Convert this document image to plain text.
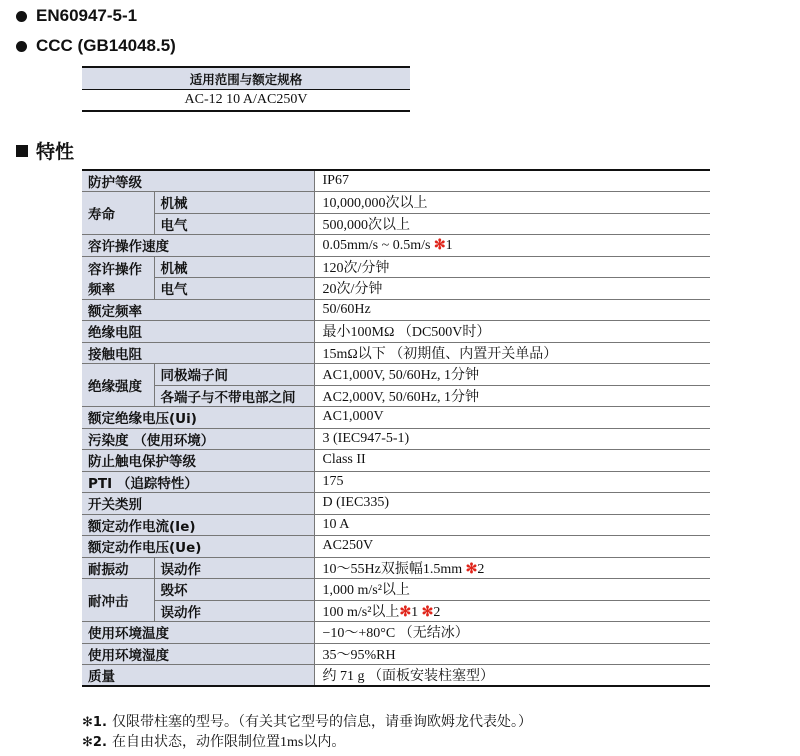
EN60947-5-1
CCC (GB14048.5)
适用范围与额定规格
AC-12 10 A/AC250V
特性
防护等级		IP67
寿命	机械	10,000,000次以上
	电气	500,000次以上
容许操作速度		0.05mm/s ~ 0.5m/s ✻1
容许操作
频率	机械	120次/分钟
	电气	20次/分钟
额定频率		50/60Hz
绝缘电阻		最小100MΩ （DC500V时）
接触电阻		15mΩ以下 （初期值、内置开关单品）
绝缘强度	同极端子间	AC1,000V, 50/60Hz, 1分钟
	各端子与不带电部之间	AC2,000V, 50/60Hz, 1分钟
额定绝缘电压(Ui)		AC1,000V
污染度 （使用环境）		3 (IEC947-5-1)
防止触电保护等级		Class II
PTI （追踪特性）		175
开关类别		D (IEC335)
额定动作电流(Ie)		10 A
额定动作电压(Ue)		AC250V
耐振动	误动作	10～55Hz双振幅1.5mm ✻2
耐冲击	毁坏	1,000 m/s²以上
	误动作	100 m/s²以上✻1 ✻2
使用环境温度		−10～+80°C （无结冰）
使用环境湿度		35～95%RH
质量		约 71 g （面板安装柱塞型）
✻1. 仅限带柱塞的型号。（有关其它型号的信息，请垂询欧姆龙代表处。）
✻2. 在自由状态，动作限制位置1ms以内。
